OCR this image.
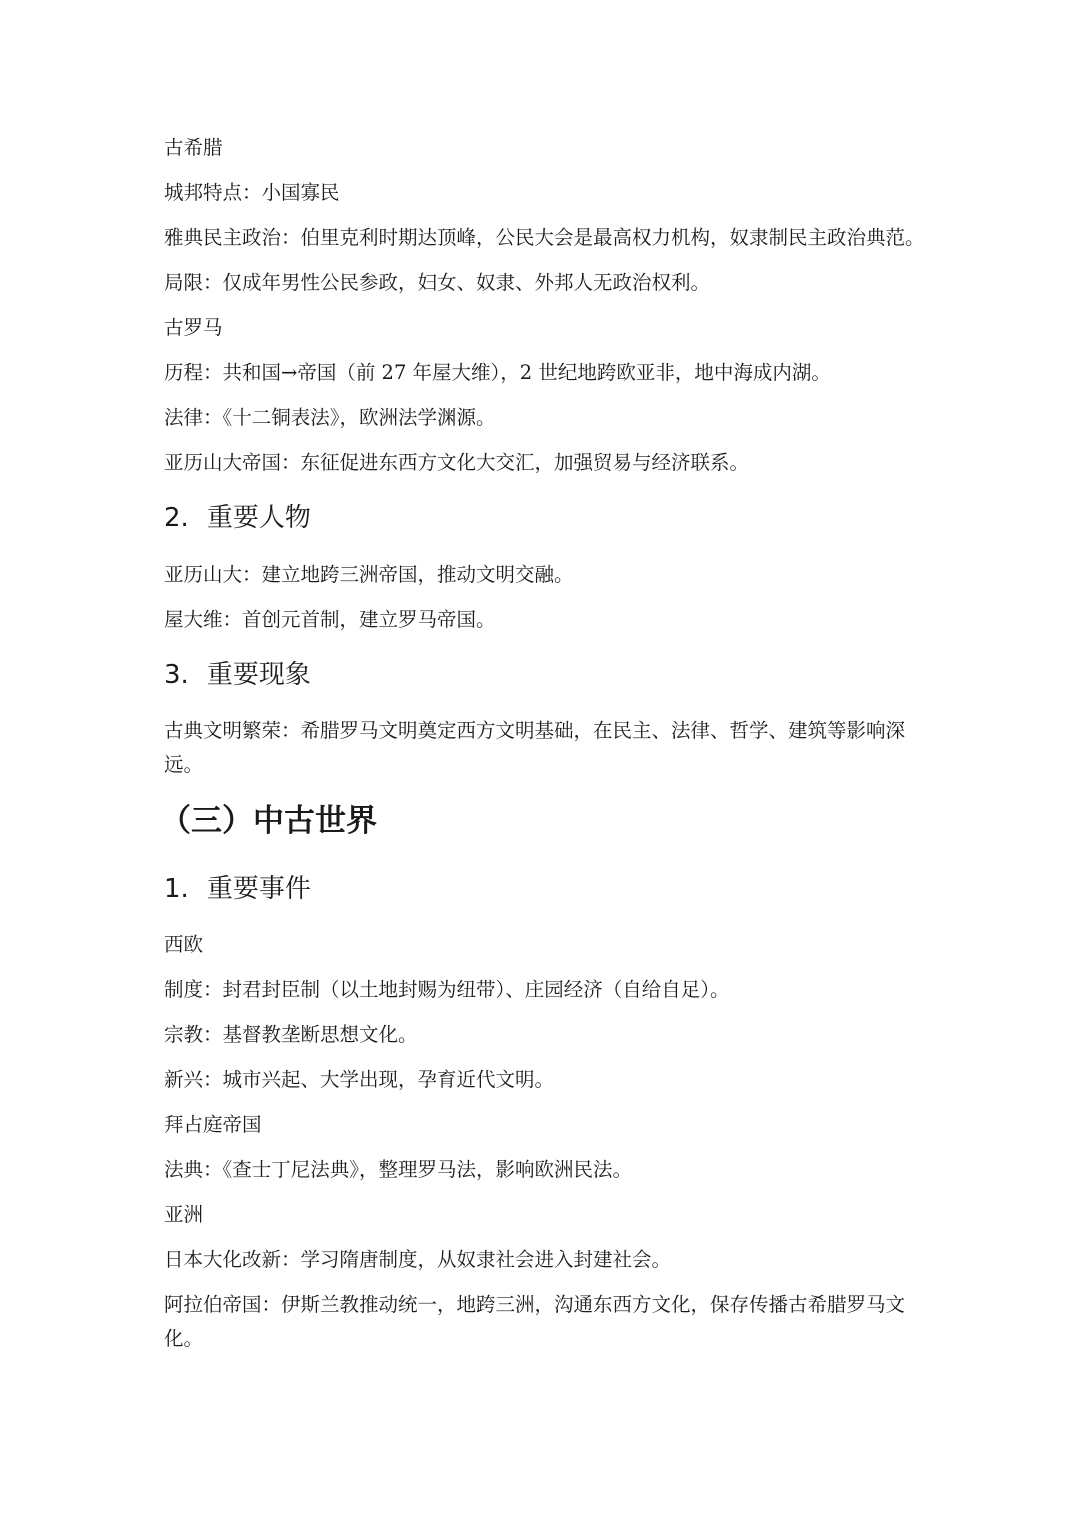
古希腊
城邦特点：小国寡民
雅典民主政治：伯里克利时期达顶峰，公民大会是最高权力机构，奴隶制民主政治典范。
局限：仅成年男性公民参政，妇女、奴隶、外邦人无政治权利。
古罗马
历程：共和国→帝国（前 27 年屋大维），2 世纪地跨欧亚非，地中海成内湖。
法律：《十二铜表法》，欧洲法学渊源。
亚历山大帝国：东征促进东西方文化大交汇，加强贸易与经济联系。
2. 重要人物
亚历山大：建立地跨三洲帝国，推动文明交融。
屋大维：首创元首制，建立罗马帝国。
3. 重要现象
古典文明繁荣：希腊罗马文明奠定西方文明基础，在民主、法律、哲学、建筑等影响深远。
（三）中古世界
1. 重要事件
西欧
制度：封君封臣制（以土地封赐为纽带）、庄园经济（自给自足）。
宗教：基督教垄断思想文化。
新兴：城市兴起、大学出现，孕育近代文明。
拜占庭帝国
法典：《查士丁尼法典》，整理罗马法，影响欧洲民法。
亚洲
日本大化改新：学习隋唐制度，从奴隶社会进入封建社会。
阿拉伯帝国：伊斯兰教推动统一，地跨三洲，沟通东西方文化，保存传播古希腊罗马文化。
